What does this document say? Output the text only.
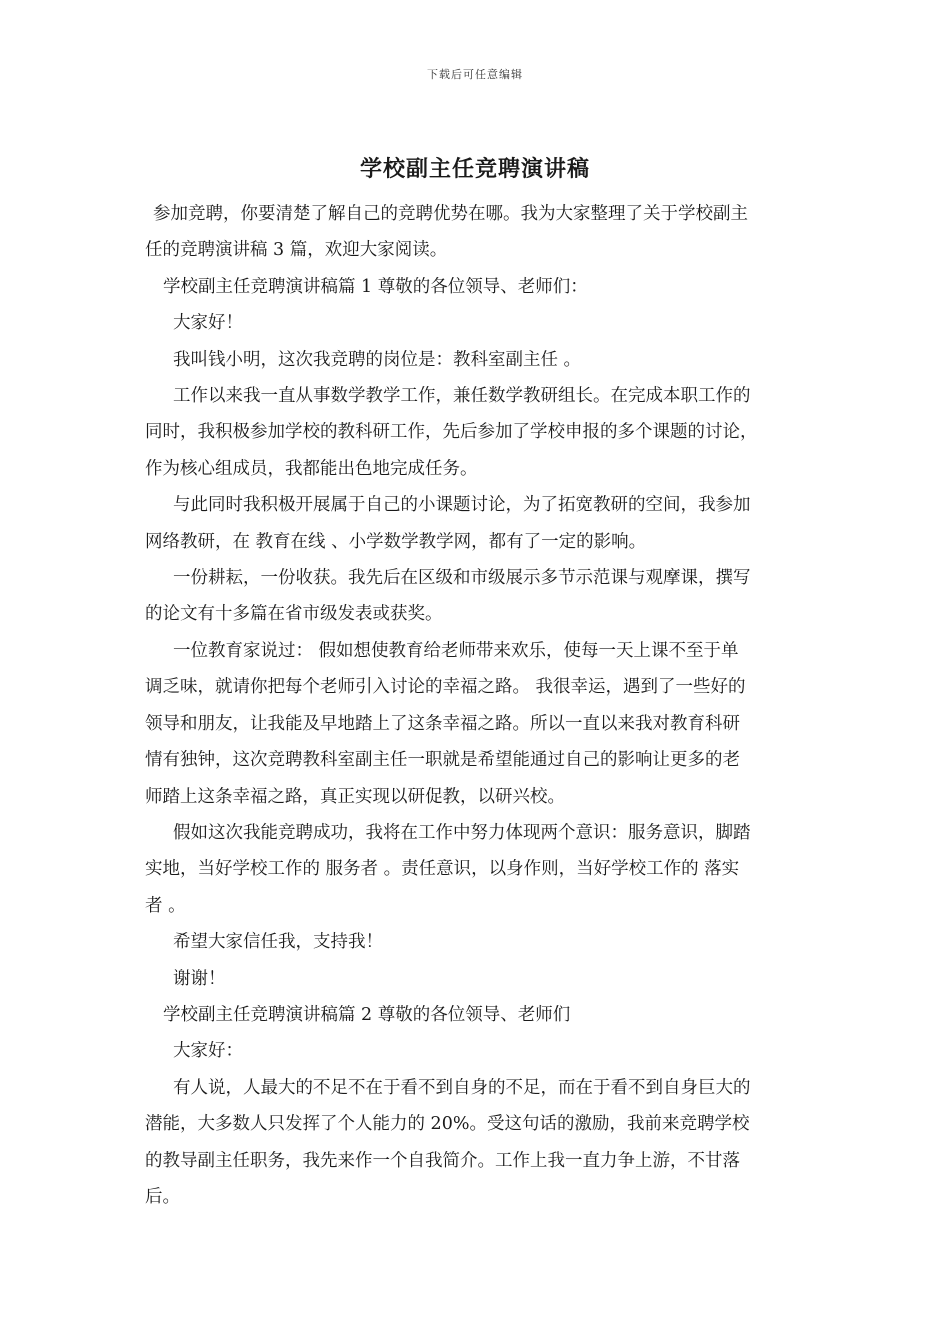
下载后可任意编辑
学校副主任竞聘演讲稿

参加竞聘，你要清楚了解自己的竞聘优势在哪。我为大家整理了关于学校副主

任的竞聘演讲稿 3 篇，欢迎大家阅读。

学校副主任竞聘演讲稿篇 1 尊敬的各位领导、老师们：

大家好！

我叫钱小明，这次我竞聘的岗位是：教科室副主任 。

工作以来我一直从事数学教学工作，兼任数学教研组长。在完成本职工作的

同时，我积极参加学校的教科研工作，先后参加了学校申报的多个课题的讨论，

作为核心组成员，我都能出色地完成任务。

与此同时我积极开展属于自己的小课题讨论，为了拓宽教研的空间，我参加

网络教研，在 教育在线 、小学数学教学网，都有了一定的影响。

一份耕耘，一份收获。我先后在区级和市级展示多节示范课与观摩课，撰写

的论文有十多篇在省市级发表或获奖。

一位教育家说过： 假如想使教育给老师带来欢乐，使每一天上课不至于单

调乏味，就请你把每个老师引入讨论的幸福之路。 我很幸运，遇到了一些好的

领导和朋友，让我能及早地踏上了这条幸福之路。所以一直以来我对教育科研

情有独钟，这次竞聘教科室副主任一职就是希望能通过自己的影响让更多的老

师踏上这条幸福之路，真正实现以研促教，以研兴校。

假如这次我能竞聘成功，我将在工作中努力体现两个意识：服务意识，脚踏

实地，当好学校工作的 服务者 。责任意识，以身作则，当好学校工作的 落实

者 。

希望大家信任我，支持我！

谢谢！

学校副主任竞聘演讲稿篇 2 尊敬的各位领导、老师们

大家好：

有人说，人最大的不足不在于看不到自身的不足，而在于看不到自身巨大的

潜能，大多数人只发挥了个人能力的 20%。受这句话的激励，我前来竞聘学校

的教导副主任职务，我先来作一个自我简介。工作上我一直力争上游，不甘落

后。
